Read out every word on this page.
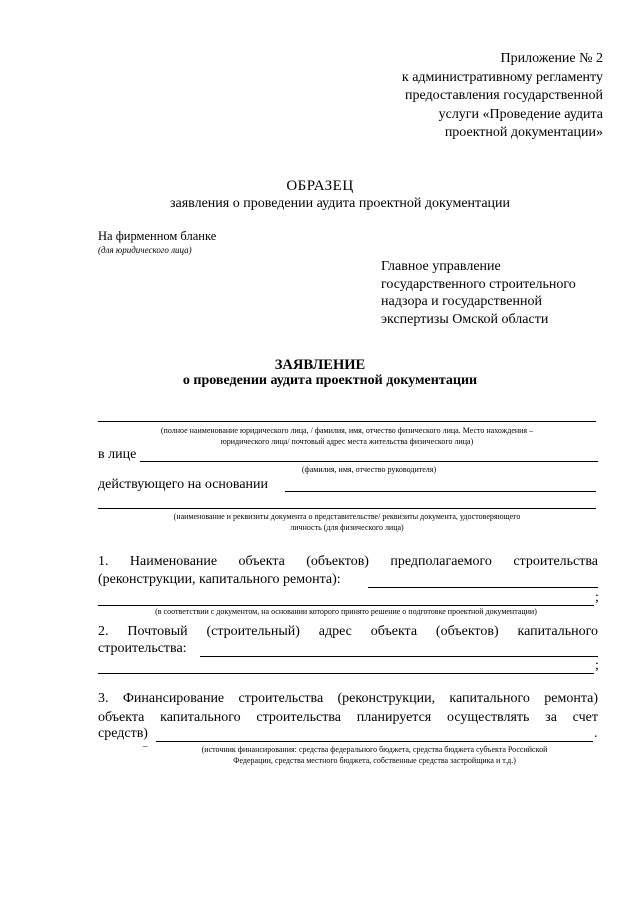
Приложение № 2
к административному регламенту
предоставления государственной
услуги «Проведение аудита
проектной документации»
ОБРАЗЕЦ
заявления о проведении аудита проектной документации
На фирменном бланке
(для юридического лица)
Главное управление
государственного строительного
надзора и государственной
экспертизы Омской области
ЗАЯВЛЕНИЕ
о проведении аудита проектной документации
(полное наименование юридического лица, / фамилия, имя, отчество физического лица. Место нахождения –
юридического лица/ почтовый адрес места жительства физического лица)
в лице
(фамилия, имя, отчество руководителя)
действующего на основании
(наименование и реквизиты документа о представительстве/ реквизиты документа, удостоверяющего
личность (для физического лица)
1. Наименование объекта (объектов) предполагаемого строительства
(реконструкции, капитального ремонта):
;
(в соответствии с документом, на основании которого принято решение о подготовке проектной документации)
2. Почтовый (строительный) адрес объекта (объектов) капитального
строительства:
;
3. Финансирование строительства (реконструкции, капитального ремонта)
объекта капитального строительства планируется осуществлять за счет
средств)	.
–	(источник финансирования: средства федерального бюджета, средства бюджета субъекта Российской
Федерации, средства местного бюджета, собственные средства застройщика и т.д.)
